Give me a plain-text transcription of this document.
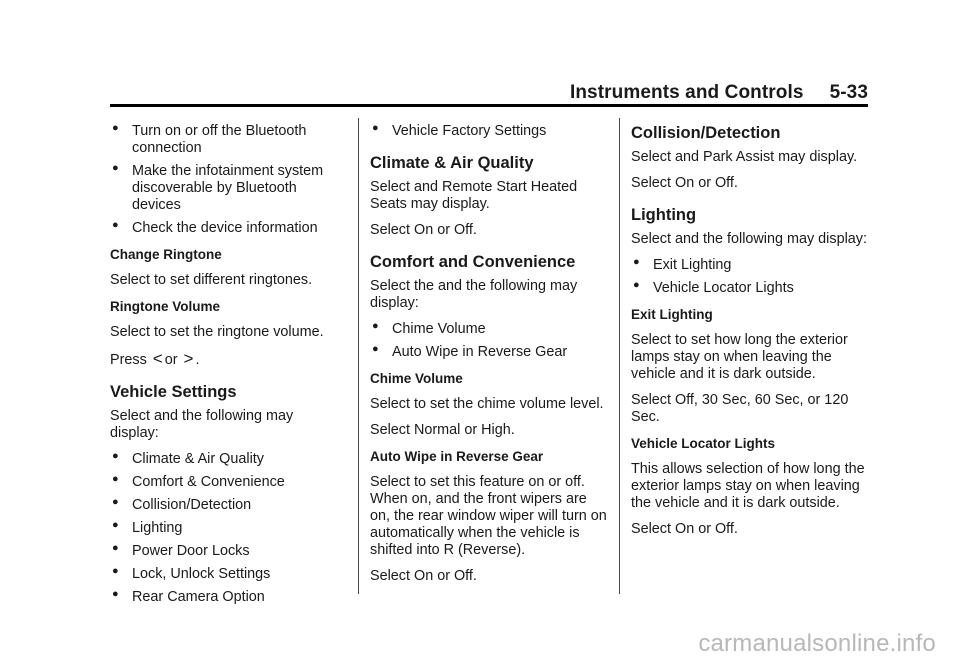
Instruments and Controls 5-33
● Turn on or off the Bluetooth connection
● Make the infotainment system discoverable by Bluetooth devices
● Check the device information
Change Ringtone
Select to set different ringtones.
Ringtone Volume
Select to set the ringtone volume.
Press < or > .
Vehicle Settings
Select and the following may display:
● Climate & Air Quality
● Comfort & Convenience
● Collision/Detection
● Lighting
● Power Door Locks
● Lock, Unlock Settings
● Rear Camera Option
● Vehicle Factory Settings
Climate & Air Quality
Select and Remote Start Heated Seats may display.
Select On or Off.
Comfort and Convenience
Select the and the following may display:
● Chime Volume
● Auto Wipe in Reverse Gear
Chime Volume
Select to set the chime volume level.
Select Normal or High.
Auto Wipe in Reverse Gear
Select to set this feature on or off. When on, and the front wipers are on, the rear window wiper will turn on automatically when the vehicle is shifted into R (Reverse).
Select On or Off.
Collision/Detection
Select and Park Assist may display.
Select On or Off.
Lighting
Select and the following may display:
● Exit Lighting
● Vehicle Locator Lights
Exit Lighting
Select to set how long the exterior lamps stay on when leaving the vehicle and it is dark outside.
Select Off, 30 Sec, 60 Sec, or 120 Sec.
Vehicle Locator Lights
This allows selection of how long the exterior lamps stay on when leaving the vehicle and it is dark outside.
Select On or Off.
carmanualsonline.info
